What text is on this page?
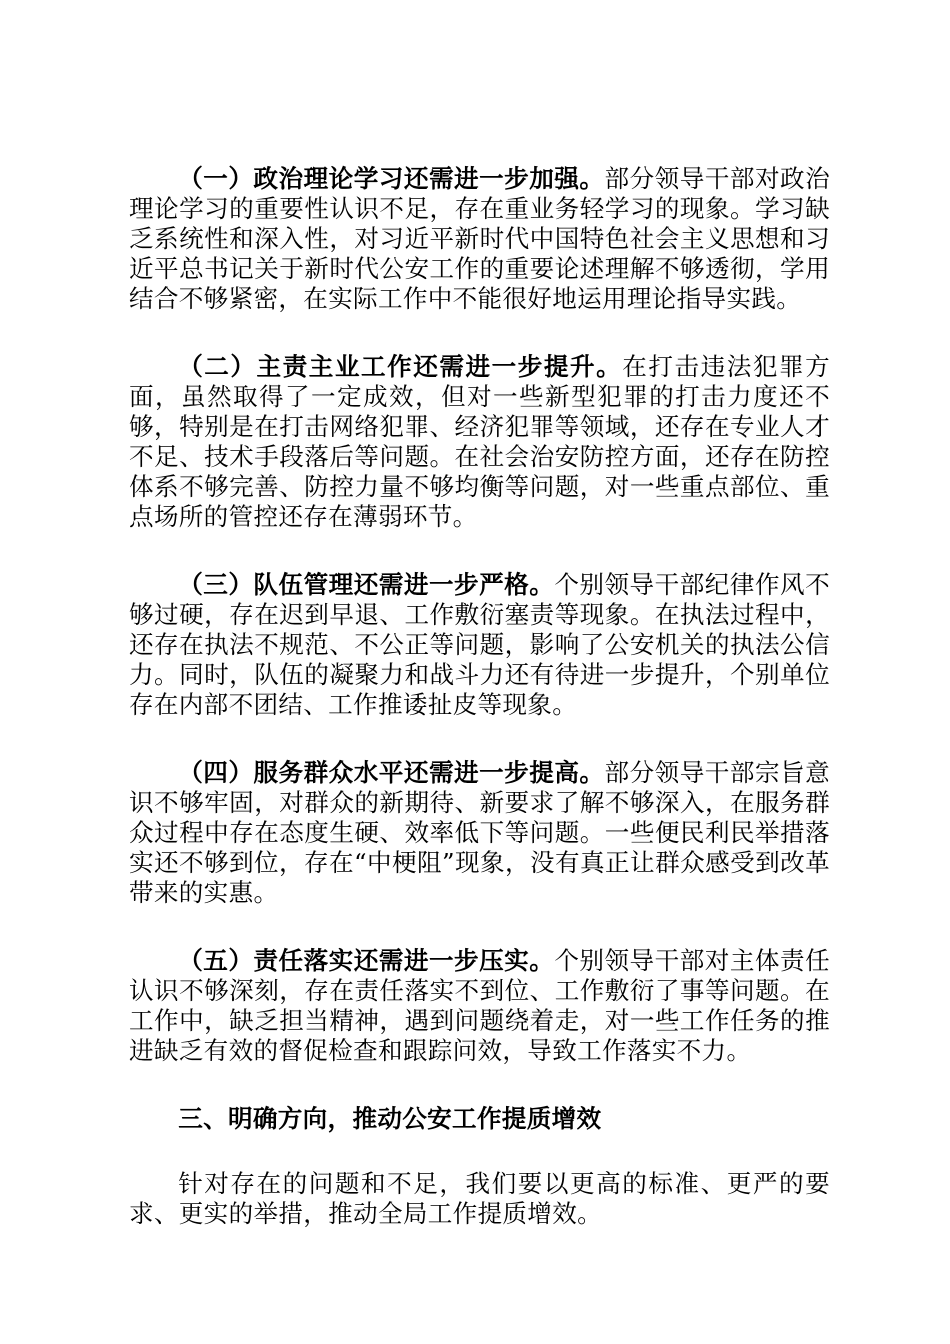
（一）政治理论学习还需进一步加强。部分领导干部对政治理论学习的重要性认识不足，存在重业务轻学习的现象。学习缺乏系统性和深入性，对习近平新时代中国特色社会主义思想和习近平总书记关于新时代公安工作的重要论述理解不够透彻，学用结合不够紧密，在实际工作中不能很好地运用理论指导实践。

（二）主责主业工作还需进一步提升。在打击违法犯罪方面，虽然取得了一定成效，但对一些新型犯罪的打击力度还不够，特别是在打击网络犯罪、经济犯罪等领域，还存在专业人才不足、技术手段落后等问题。在社会治安防控方面，还存在防控体系不够完善、防控力量不够均衡等问题，对一些重点部位、重点场所的管控还存在薄弱环节。

（三）队伍管理还需进一步严格。个别领导干部纪律作风不够过硬，存在迟到早退、工作敷衍塞责等现象。在执法过程中，还存在执法不规范、不公正等问题，影响了公安机关的执法公信力。同时，队伍的凝聚力和战斗力还有待进一步提升，个别单位存在内部不团结、工作推诿扯皮等现象。

（四）服务群众水平还需进一步提高。部分领导干部宗旨意识不够牢固，对群众的新期待、新要求了解不够深入，在服务群众过程中存在态度生硬、效率低下等问题。一些便民利民举措落实还不够到位，存在“中梗阻”现象，没有真正让群众感受到改革带来的实惠。

（五）责任落实还需进一步压实。个别领导干部对主体责任认识不够深刻，存在责任落实不到位、工作敷衍了事等问题。在工作中，缺乏担当精神，遇到问题绕着走，对一些工作任务的推进缺乏有效的督促检查和跟踪问效，导致工作落实不力。

三、明确方向，推动公安工作提质增效

针对存在的问题和不足，我们要以更高的标准、更严的要求、更实的举措，推动全局工作提质增效。
